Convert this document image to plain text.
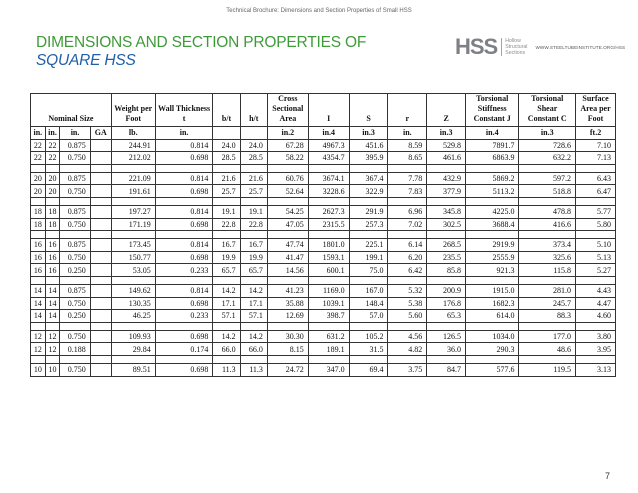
Technical Brochure: Dimensions and Section Properties of Small HSS
DIMENSIONS AND SECTION PROPERTIES OF
SQUARE HSS
HSS Hollow
Structural
Sections
WWW.STEELTUBEINSTITUTE.ORG/HSS
Nominal Size				Weight per Foot	Wall Thickness t	b/t	h/t	Cross Sectional Area	I	S	r	Z	Torsional Stiffness Constant J	Torsional Shear Constant C	Surface Area per Foot
in.	in.	in.	GA	lb.	in.			in.2	in.4	in.3	in.	in.3	in.4	in.3	ft.2
22	22	0.875		244.91	0.814	24.0	24.0	67.28	4967.3	451.6	8.59	529.8	7891.7	728.6	7.10
22	22	0.750		212.02	0.698	28.5	28.5	58.22	4354.7	395.9	8.65	461.6	6863.9	632.2	7.13

20	20	0.875		221.09	0.814	21.6	21.6	60.76	3674.1	367.4	7.78	432.9	5869.2	597.2	6.43
20	20	0.750		191.61	0.698	25.7	25.7	52.64	3228.6	322.9	7.83	377.9	5113.2	518.8	6.47

18	18	0.875		197.27	0.814	19.1	19.1	54.25	2627.3	291.9	6.96	345.8	4225.0	478.8	5.77
18	18	0.750		171.19	0.698	22.8	22.8	47.05	2315.5	257.3	7.02	302.5	3688.4	416.6	5.80

16	16	0.875		173.45	0.814	16.7	16.7	47.74	1801.0	225.1	6.14	268.5	2919.9	373.4	5.10
16	16	0.750		150.77	0.698	19.9	19.9	41.47	1593.1	199.1	6.20	235.5	2555.9	325.6	5.13
16	16	0.250		53.05	0.233	65.7	65.7	14.56	600.1	75.0	6.42	85.8	921.3	115.8	5.27

14	14	0.875		149.62	0.814	14.2	14.2	41.23	1169.0	167.0	5.32	200.9	1915.0	281.0	4.43
14	14	0.750		130.35	0.698	17.1	17.1	35.88	1039.1	148.4	5.38	176.8	1682.3	245.7	4.47
14	14	0.250		46.25	0.233	57.1	57.1	12.69	398.7	57.0	5.60	65.3	614.0	88.3	4.60

12	12	0.750		109.93	0.698	14.2	14.2	30.30	631.2	105.2	4.56	126.5	1034.0	177.0	3.80
12	12	0.188		29.84	0.174	66.0	66.0	8.15	189.1	31.5	4.82	36.0	290.3	48.6	3.95

10	10	0.750		89.51	0.698	11.3	11.3	24.72	347.0	69.4	3.75	84.7	577.6	119.5	3.13
7
